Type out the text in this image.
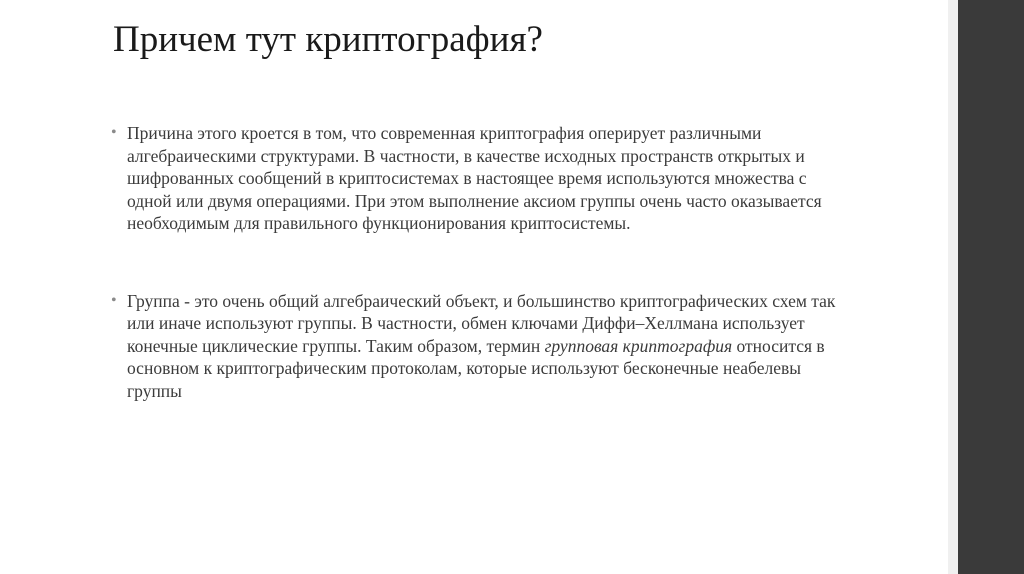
Причем тут криптография?
• Причина этого кроется в том, что современная криптография оперирует различными алгебраическими структурами. В частности, в качестве исходных пространств открытых и шифрованных сообщений в криптосистемах в настоящее время используются множества с одной или двумя операциями. При этом выполнение аксиом группы очень часто оказывается необходимым для правильного функционирования криптосистемы.
• Группа - это очень общий алгебраический объект, и большинство криптографических схем так или иначе используют группы. В частности, обмен ключами Диффи–Хеллмана использует конечные циклические группы. Таким образом, термин групповая криптография относится в основном к криптографическим протоколам, которые используют бесконечные неабелевы группы
